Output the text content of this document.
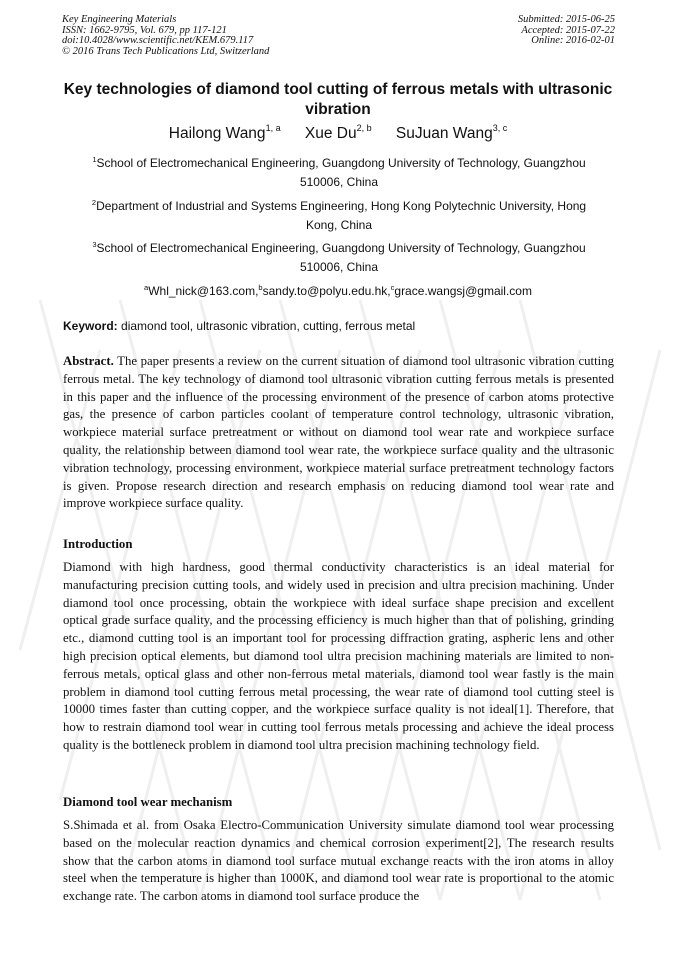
Key Engineering Materials
ISSN: 1662-9795, Vol. 679, pp 117-121
doi:10.4028/www.scientific.net/KEM.679.117
© 2016 Trans Tech Publications Ltd, Switzerland
Submitted: 2015-06-25
Accepted: 2015-07-22
Online: 2016-02-01
Key technologies of diamond tool cutting of ferrous metals with ultrasonic vibration
Hailong Wang$^{1, a}$ Xue Du$^{2, b}$ SuJuan Wang$^{3, c}$
$^1$School of Electromechanical Engineering, Guangdong University of Technology, Guangzhou 510006, China
$^2$Department of Industrial and Systems Engineering, Hong Kong Polytechnic University, Hong Kong, China
$^3$School of Electromechanical Engineering, Guangdong University of Technology, Guangzhou 510006, China
$^a$Whl_nick@163.com,$^b$sandy.to@polyu.edu.hk,$^c$grace.wangsj@gmail.com
Keyword: diamond tool, ultrasonic vibration, cutting, ferrous metal

Abstract. The paper presents a review on the current situation of diamond tool ultrasonic vibration cutting ferrous metal. The key technology of diamond tool ultrasonic vibration cutting ferrous metals is presented in this paper and the influence of the processing environment of the presence of carbon atoms protective gas, the presence of carbon particles coolant of temperature control technology, ultrasonic vibration, workpiece material surface pretreatment or without on diamond tool wear rate and workpiece surface quality, the relationship between diamond tool wear rate, the workpiece surface quality and the ultrasonic vibration technology, processing environment, workpiece material surface pretreatment technology factors is given. Propose research direction and research emphasis on reducing diamond tool wear rate and improve workpiece surface quality.

Introduction

Diamond with high hardness, good thermal conductivity characteristics is an ideal material for manufacturing precision cutting tools, and widely used in precision and ultra precision machining. Under diamond tool once processing, obtain the workpiece with ideal surface shape precision and excellent optical grade surface quality, and the processing efficiency is much higher than that of polishing, grinding etc., diamond cutting tool is an important tool for processing diffraction grating, aspheric lens and other high precision optical elements, but diamond tool ultra precision machining materials are limited to non-ferrous metals, optical glass and other non-ferrous metal materials, diamond tool wear fastly is the main problem in diamond tool cutting ferrous metal processing, the wear rate of diamond tool cutting steel is 10000 times faster than cutting copper, and the workpiece surface quality is not ideal[1]. Therefore, that how to restrain diamond tool wear in cutting tool ferrous metals processing and achieve the ideal process quality is the bottleneck problem in diamond tool ultra precision machining technology field.

Diamond tool wear mechanism

S.Shimada et al. from Osaka Electro-Communication University simulate diamond tool wear processing based on the molecular reaction dynamics and chemical corrosion experiment[2], The research results show that the carbon atoms in diamond tool surface mutual exchange reacts with the iron atoms in alloy steel when the temperature is higher than 1000K, and diamond tool wear rate is proportional to the atomic exchange rate. The carbon atoms in diamond tool surface produce the
